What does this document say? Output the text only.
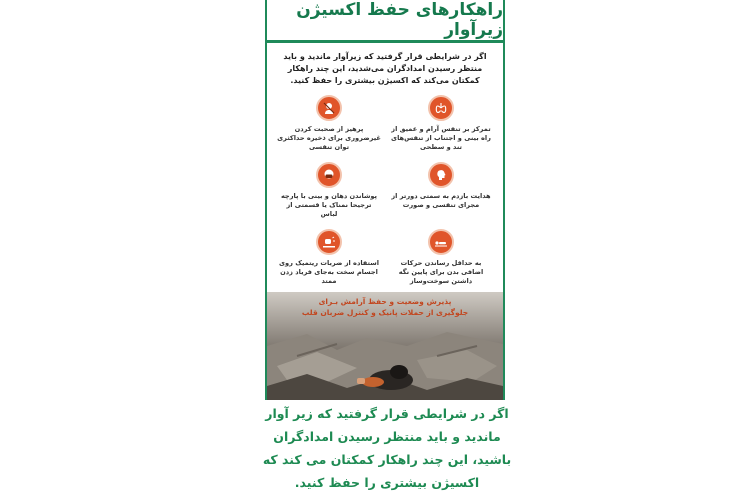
راهکارهای حفظ اکسیژن زیرآوار
اگر در شرایطی قرار گرفتید که زیرآوار ماندید و باید منتظر رسیدن امدادگران می‌شدید، این چند راهکار کمکتان می‌کند که اکسیژن بیشتری را حفظ کنید.
تمرکز بر تنفس آرام و عمیق از راه بینی و اجتناب از تنفس‌های تند و سطحی
پرهیز از صحبت کردن غیرضروری برای ذخیره حداکثری توان تنفسی
هدایت بازدم به سمتی دورتر از مجرای تنفسی و صورت
پوشاندن دهان و بینی با پارچه ترجیحا نمناک یا قسمتی از لباس
به حداقل رساندن حرکات اضافی بدن برای پایین نگه داشتن سوخت‌وساز
استفاده از ضربات ریتمیک روی اجسام سخت به‌جای فریاد زدن ممتد
پذیرش وضعیت و حفظ آرامش بـرای
جلوگیری از حملات پانیک و کنترل ضربان قلب
اگر در شرایطی قرار گرفتید که زیر آوار ماندید و باید منتظر رسیدن امدادگران باشید، این چند راهکار کمکتان می کند که اکسیژن بیشتری را حفظ کنید.
